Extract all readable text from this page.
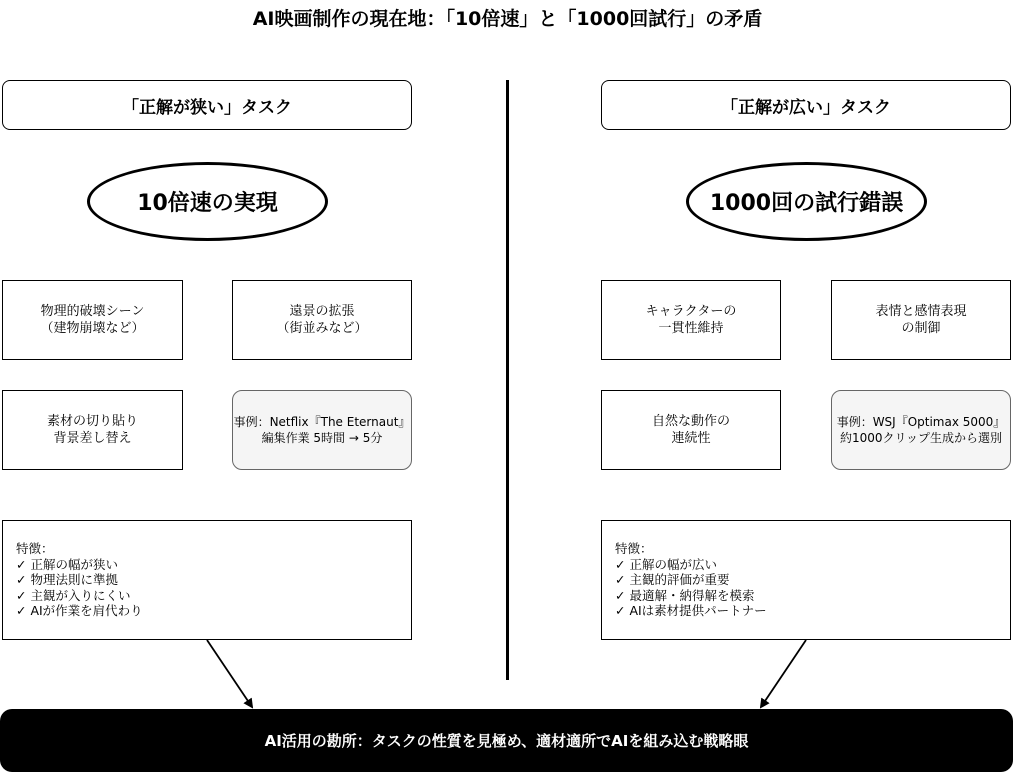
AI映画制作の現在地：「10倍速」と「1000回試行」の矛盾
「正解が狭い」タスク
10倍速の実現
物理的破壊シーン
（建物崩壊など）
遠景の拡張
（街並みなど）
素材の切り貼り
背景差し替え
事例：Netflix『The Eternaut』
編集作業 5時間 → 5分
特徴：
✓ 正解の幅が狭い
✓ 物理法則に準拠
✓ 主観が入りにくい
✓ AIが作業を肩代わり
「正解が広い」タスク
1000回の試行錯誤
キャラクターの
一貫性維持
表情と感情表現
の制御
自然な動作の
連続性
事例：WSJ『Optimax 5000』
約1000クリップ生成から選別
特徴：
✓ 正解の幅が広い
✓ 主観的評価が重要
✓ 最適解・納得解を模索
✓ AIは素材提供パートナー
AI活用の勘所：タスクの性質を見極め、適材適所でAIを組み込む戦略眼
